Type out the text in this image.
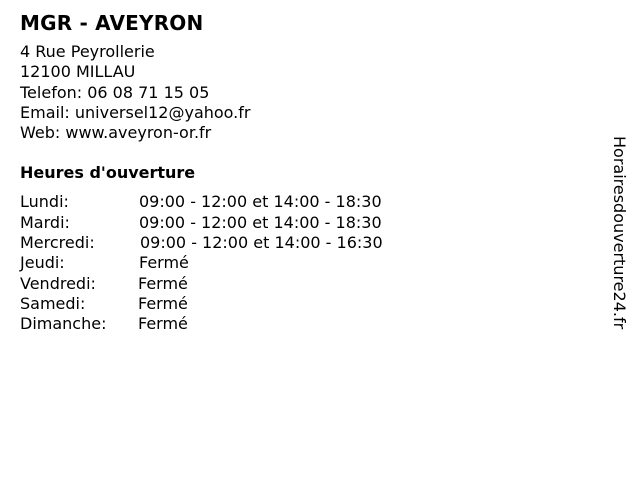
MGR - AVEYRON
4 Rue Peyrollerie
12100 MILLAU
Telefon: 06 08 71 15 05
Email: universel12@yahoo.fr
Web: www.aveyron-or.fr
Heures d'ouverture
Lundi:	09:00 - 12:00 et 14:00 - 18:30
Mardi:	09:00 - 12:00 et 14:00 - 18:30
Mercredi:	09:00 - 12:00 et 14:00 - 16:30
Jeudi:	Fermé
Vendredi:	Fermé
Samedi:	Fermé
Dimanche: Fermé	Horairesdouverture24.fr
